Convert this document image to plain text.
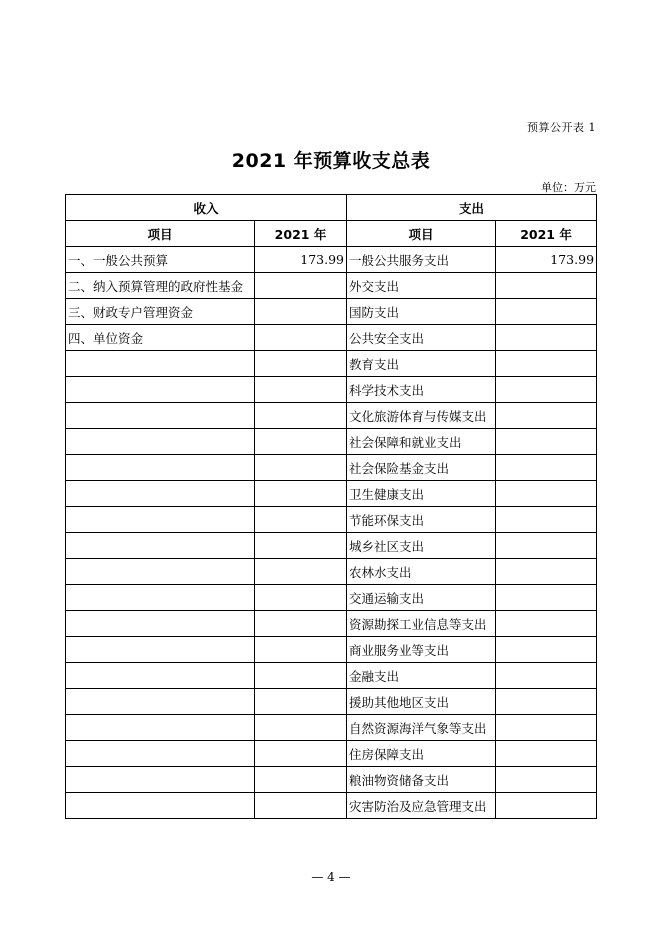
预算公开表 1
2021 年预算收支总表
单位：万元
收入		支出	
项目	2021 年	项目	2021 年
一、一般公共预算	173.99	一般公共服务支出	173.99
二、纳入预算管理的政府性基金		外交支出	
三、财政专户管理资金		国防支出	
四、单位资金		公共安全支出	
		教育支出	
		科学技术支出	
		文化旅游体育与传媒支出	
		社会保障和就业支出	
		社会保险基金支出	
		卫生健康支出	
		节能环保支出	
		城乡社区支出	
		农林水支出	
		交通运输支出	
		资源勘探工业信息等支出	
		商业服务业等支出	
		金融支出	
		援助其他地区支出	
		自然资源海洋气象等支出	
		住房保障支出	
		粮油物资储备支出	
		灾害防治及应急管理支出	
— 4 —
